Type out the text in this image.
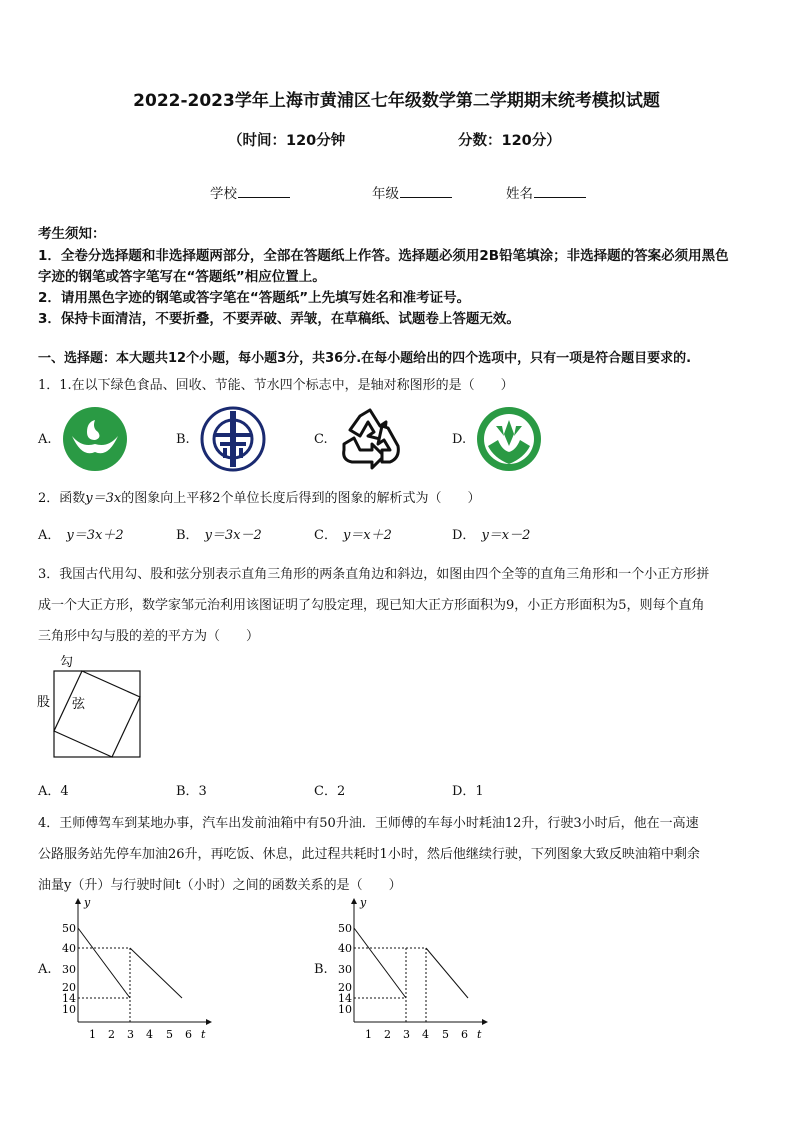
2022-2023学年上海市黄浦区七年级数学第二学期期末统考模拟试题
（时间：120分钟	分数：120分）
学校	年级	姓名
考生须知：
1．全卷分选择题和非选择题两部分，全部在答题纸上作答。选择题必须用2B铅笔填涂；非选择题的答案必须用黑色
字迹的钢笔或答字笔写在“答题纸”相应位置上。
2．请用黑色字迹的钢笔或答字笔在“答题纸”上先填写姓名和准考证号。
3．保持卡面清洁，不要折叠，不要弄破、弄皱，在草稿纸、试题卷上答题无效。
一、选择题：本大题共12个小题，每小题3分，共36分.在每小题给出的四个选项中，只有一项是符合题目要求的.
1．1.在以下绿色食品、回收、节能、节水四个标志中，是轴对称图形的是（　　）
A.	B.	C.	D.
2．函数y＝3x的图象向上平移2个单位长度后得到的图象的解析式为（　　）
A． y＝3x＋2	B． y＝3x－2	C． y＝x＋2	D． y＝x－2
3．我国古代用勾、股和弦分别表示直角三角形的两条直角边和斜边，如图由四个全等的直角三角形和一个小正方形拼
成一个大正方形，数学家邹元治利用该图证明了勾股定理，现已知大正方形面积为9，小正方形面积为5，则每个直角
三角形中勾与股的差的平方为（　　）
勾
股 弦
A．4	B．3	C．2	D．1
4．王师傅驾车到某地办事，汽车出发前油箱中有50升油．王师傅的车每小时耗油12升，行驶3小时后，他在一高速
公路服务站先停车加油26升，再吃饭、休息，此过程共耗时1小时，然后他继续行驶，下列图象大致反映油箱中剩余
油量y（升）与行驶时间t（小时）之间的函数关系的是（　　）
A.
y
t
50
40
30
20
14
10
1 2 3 4 5 6
B.
y
t
50
40
30
20
14
10
1 2 3 4 5 6
